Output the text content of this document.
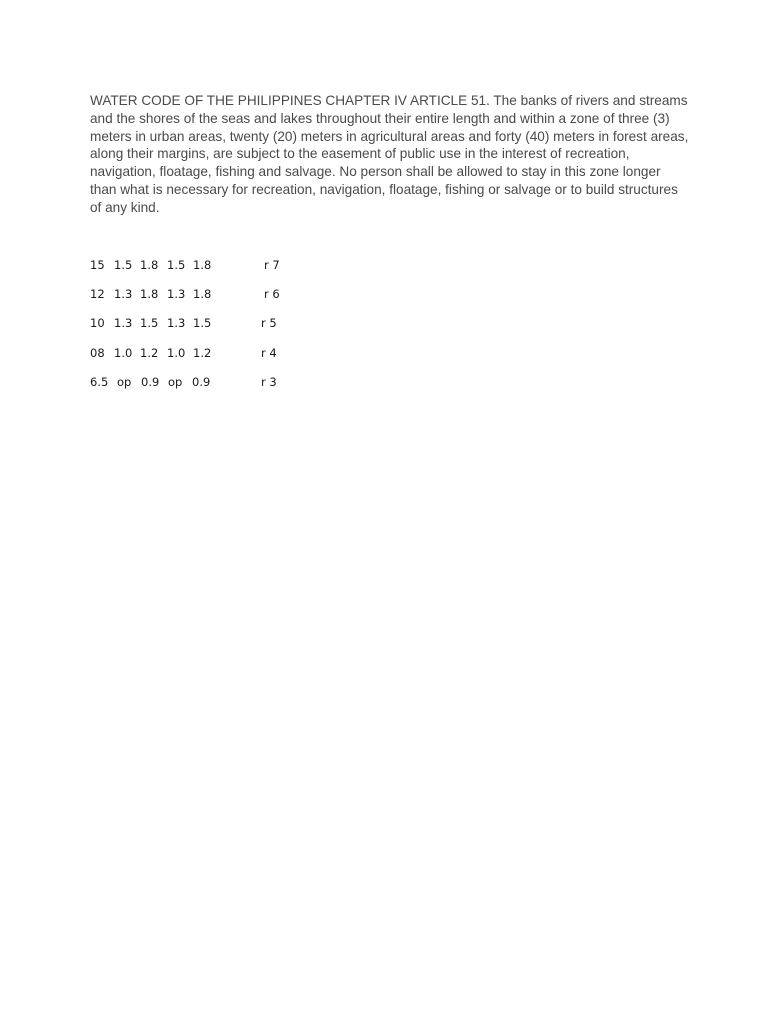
WATER CODE OF THE PHILIPPINES CHAPTER IV ARTICLE 51. The banks of rivers and streams and the shores of the seas and lakes throughout their entire length and within a zone of three (3) meters in urban areas, twenty (20) meters in agricultural areas and forty (40) meters in forest areas, along their margins, are subject to the easement of public use in the interest of recreation, navigation, floatage, fishing and salvage. No person shall be allowed to stay in this zone longer than what is necessary for recreation, navigation, floatage, fishing or salvage or to build structures of any kind.

15 1.5 1.8 1.5 1.8	r 7
12 1.3 1.8 1.3 1.8	r 6
10 1.3 1.5 1.3 1.5	r 5
08 1.0 1.2 1.0 1.2	r 4
6.5 op 0.9 op 0.9	r 3
